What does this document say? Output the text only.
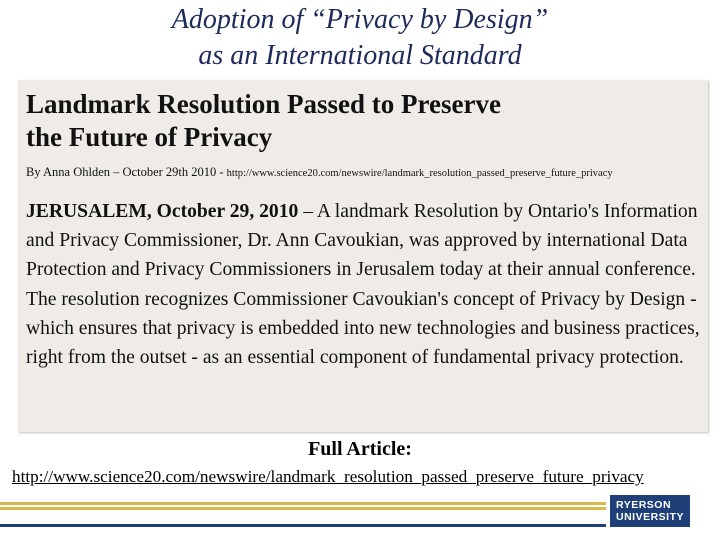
Adoption of “Privacy by Design”
as an International Standard
Landmark Resolution Passed to Preserve
the Future of Privacy
By Anna Ohlden – October 29th 2010 - http://www.science20.com/newswire/landmark_resolution_passed_preserve_future_privacy
JERUSALEM, October 29, 2010 – A landmark Resolution by Ontario's Information and Privacy Commissioner, Dr. Ann Cavoukian, was approved by international Data Protection and Privacy Commissioners in Jerusalem today at their annual conference. The resolution recognizes Commissioner Cavoukian's concept of Privacy by Design - which ensures that privacy is embedded into new technologies and business practices, right from the outset - as an essential component of fundamental privacy protection.
Full Article:
http://www.science20.com/newswire/landmark_resolution_passed_preserve_future_privacy
RYERSON
UNIVERSITY
